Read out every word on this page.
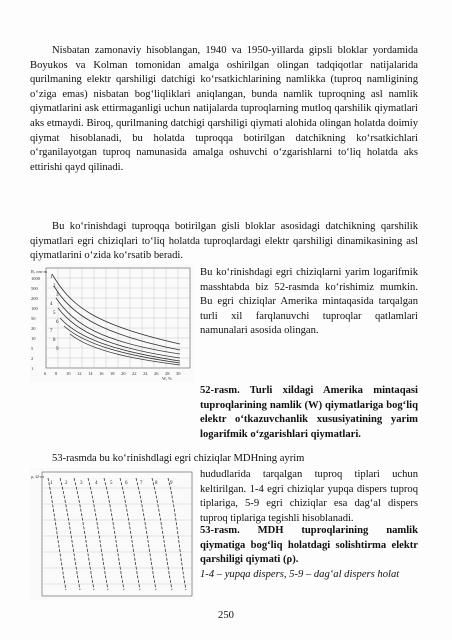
Nisbatan zamonaviy hisoblangan, 1940 va 1950-yillarda gipsli bloklar yordamida Boyukos va Kolman tomonidan amalga oshirilgan olingan tadqiqotlar natijalarida qurilmaning elektr qarshiligi datchigi ko‘rsatkichlarining namlikka (tuproq namligining o‘ziga emas) nisbatan bog‘liqliklari aniqlangan, bunda namlik tuproqning asl namlik qiymatlarini ask ettirmaganligi uchun natijalarda tuproqlarning mutloq qarshilik qiymatlari aks etmaydi. Biroq, qurilmaning datchigi qarshiligi qiymati alohida olingan holatda doimiy qiymat hisoblanadi, bu holatda tuproqqa botirilgan datchikning ko‘rsatkichlari o‘rganilayotgan tuproq namunasida amalga oshuvchi o‘zgarishlarni to‘liq holatda aks ettirishi qayd qilinadi.

Bu ko‘rinishdagi tuproqqa botirilgan gisli bloklar asosidagi datchikning qarshilik qiymatlari egri chiziqlari to‘liq holatda tuproqlardagi elektr qarshiligi dinamikasining asl qiymatlarini o‘zida ko‘rsatib beradi.

R, om·m
W, %
1000
500
200
100
50
20
10
5
2
1
6 8 10 12 14 16 18 20 22 24 26 28 30
1
2
3
4
5
6
7
8
9

Bu ko‘rinishdagi egri chiziqlarni yarim logarifmik masshtabda biz 52-rasmda ko‘rishimiz mumkin. Bu egri chiziqlar Amerika mintaqasida tarqalgan turli xil farqlanuvchi tuproqlar qatlamlari namunalari asosida olingan.

52-rasm. Turli xildagi Amerika mintaqasi tuproqlarining namlik (W) qiymatlariga bog‘liq elektr o‘tkazuvchanlik xususiyatining yarim logarifmik o‘zgarishlari qiymatlari.

53-rasmda bu ko‘rinishdlagi egri chiziqlar MDHning ayrim

ρ, Ω·m
1	2	3	4	5	6	7	8	9

hududlarida tarqalgan tuproq tiplari uchun keltirilgan. 1-4 egri chiziqlar yupqa dispers tuproq tiplariga, 5-9 egri chiziqlar esa dag‘al dispers tuproq tiplariga tegishli hisoblanadi.

53-rasm. MDH tuproqlarining namlik qiymatiga bog‘liq holatdagi solishtirma elektr qarshiligi qiymati (ρ).

1-4 – yupqa dispers, 5-9 – dag‘al dispers holat

250
